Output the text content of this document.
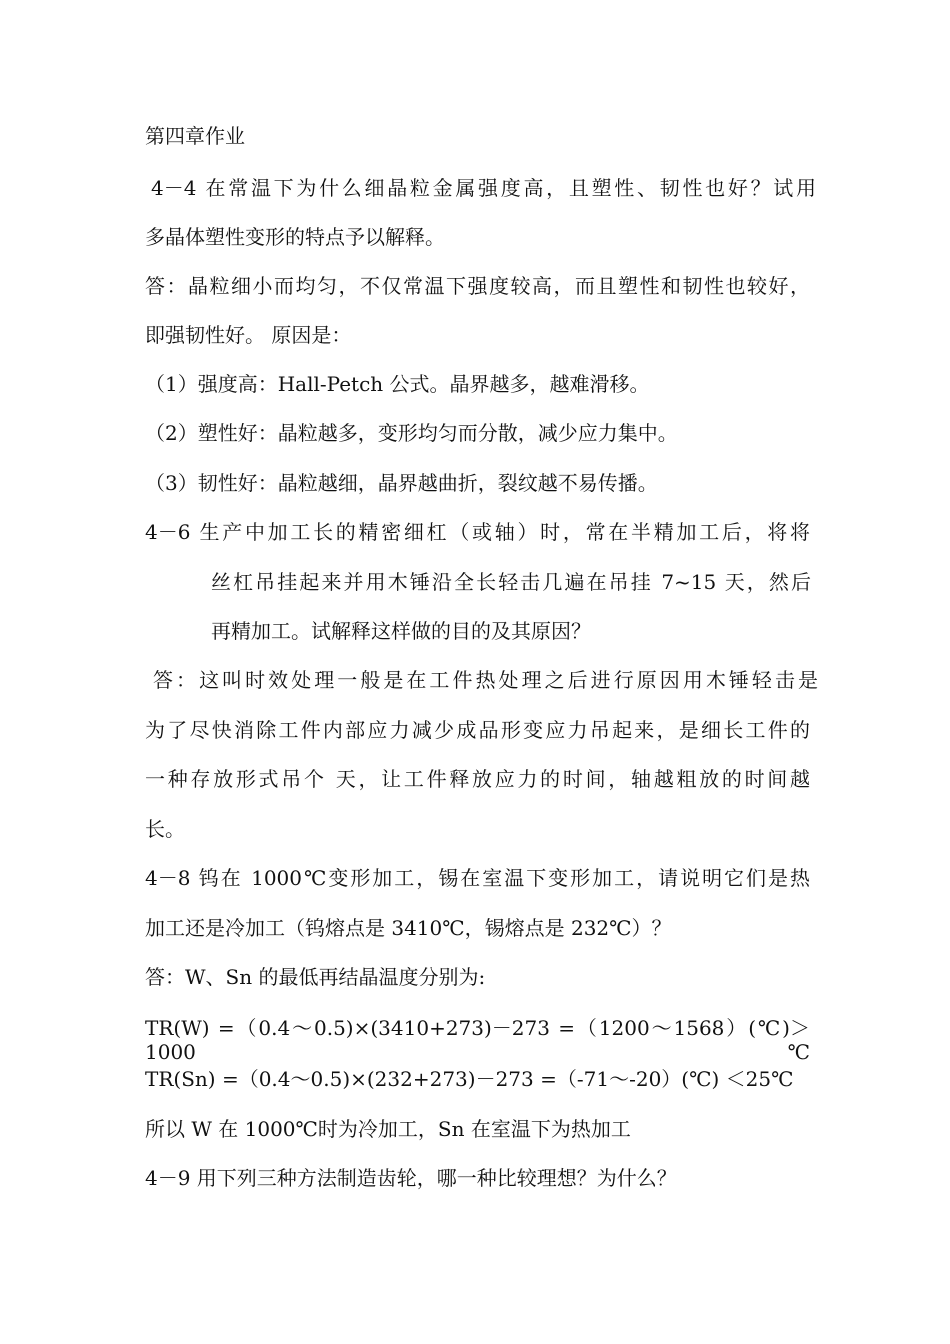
第四章作业
4－4 在常温下为什么细晶粒金属强度高，且塑性、韧性也好？试用
多晶体塑性变形的特点予以解释。
答：晶粒细小而均匀，不仅常温下强度较高，而且塑性和韧性也较好，
即强韧性好。 原因是：
（1）强度高：Hall-Petch 公式。晶界越多，越难滑移。
（2）塑性好：晶粒越多，变形均匀而分散，减少应力集中。
（3）韧性好：晶粒越细，晶界越曲折，裂纹越不易传播。
4－6 生产中加工长的精密细杠（或轴）时，常在半精加工后，将将
丝杠吊挂起来并用木锤沿全长轻击几遍在吊挂 7~15 天，然后
再精加工。试解释这样做的目的及其原因？
答：这叫时效处理一般是在工件热处理之后进行原因用木锤轻击是
为了尽快消除工件内部应力减少成品形变应力吊起来，是细长工件的
一种存放形式吊个 天，让工件释放应力的时间，轴越粗放的时间越
长。
4－8 钨在 1000℃变形加工，锡在室温下变形加工，请说明它们是热
加工还是冷加工（钨熔点是 3410℃，锡熔点是 232℃）？
答：W、Sn 的最低再结晶温度分别为:
TR(W) =（0.4～0.5)×(3410+273)－273 =（1200～1568）(℃)＞1000℃
TR(Sn) =（0.4～0.5)×(232+273)－273 =（-71～-20）(℃) ＜25℃
所以 W 在 1000℃时为冷加工，Sn 在室温下为热加工
4－9 用下列三种方法制造齿轮，哪一种比较理想？为什么？
